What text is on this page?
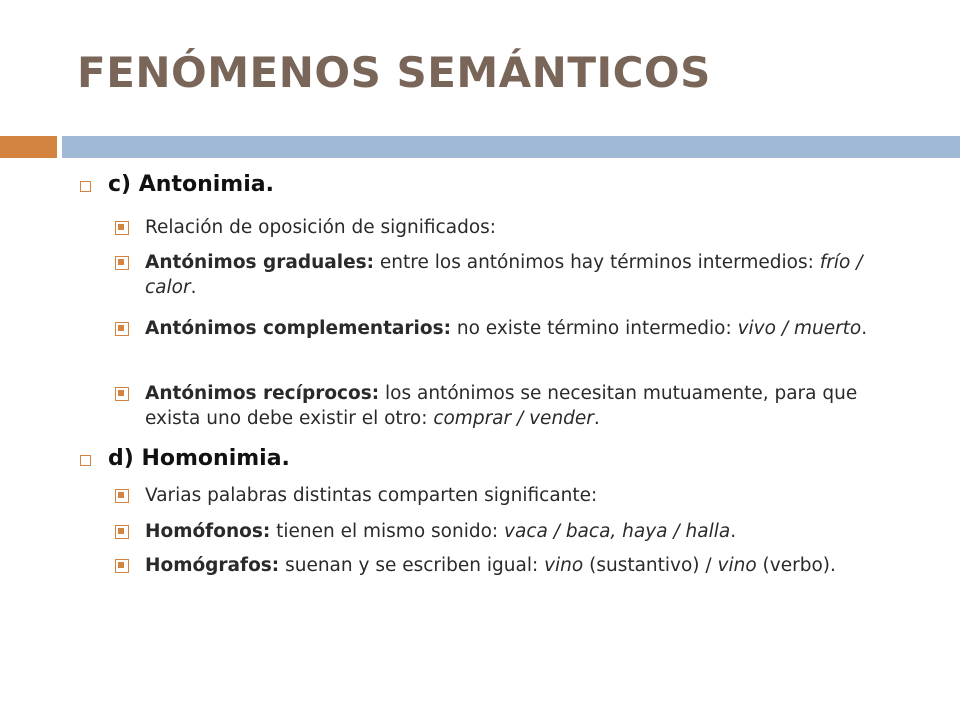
FENÓMENOS SEMÁNTICOS
c) Antonimia.
Relación de oposición de significados:
Antónimos graduales: entre los antónimos hay términos intermedios: frío / calor.
Antónimos complementarios: no existe término intermedio: vivo / muerto.
Antónimos recíprocos: los antónimos se necesitan mutuamente, para que exista uno debe existir el otro: comprar / vender.
d) Homonimia.
Varias palabras distintas comparten significante:
Homófonos: tienen el mismo sonido: vaca / baca, haya / halla.
Homógrafos: suenan y se escriben igual: vino (sustantivo) / vino (verbo).
